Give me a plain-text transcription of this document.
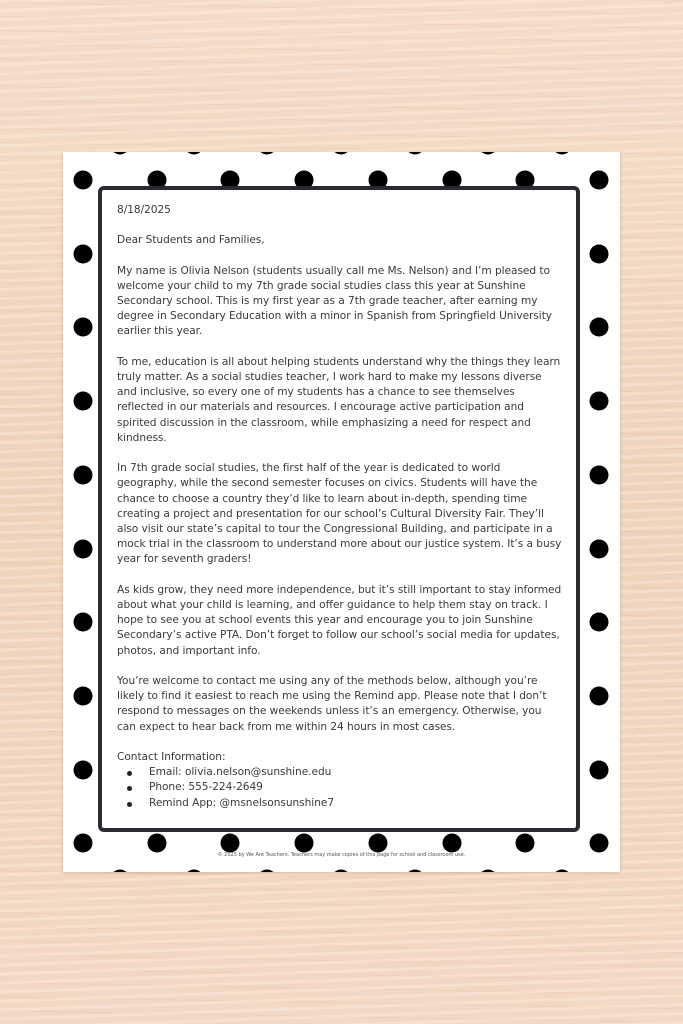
8/18/2025

Dear Students and Families,

My name is Olivia Nelson (students usually call me Ms. Nelson) and I’m pleased to welcome your child to my 7th grade social studies class this year at Sunshine Secondary school. This is my first year as a 7th grade teacher, after earning my degree in Secondary Education with a minor in Spanish from Springfield University earlier this year.

To me, education is all about helping students understand why the things they learn truly matter. As a social studies teacher, I work hard to make my lessons diverse and inclusive, so every one of my students has a chance to see themselves reflected in our materials and resources. I encourage active participation and spirited discussion in the classroom, while emphasizing a need for respect and kindness.

In 7th grade social studies, the first half of the year is dedicated to world geography, while the second semester focuses on civics. Students will have the chance to choose a country they’d like to learn about in-depth, spending time creating a project and presentation for our school’s Cultural Diversity Fair. They’ll also visit our state’s capital to tour the Congressional Building, and participate in a mock trial in the classroom to understand more about our justice system. It’s a busy year for seventh graders!

As kids grow, they need more independence, but it’s still important to stay informed about what your child is learning, and offer guidance to help them stay on track. I hope to see you at school events this year and encourage you to join Sunshine Secondary’s active PTA. Don’t forget to follow our school’s social media for updates, photos, and important info.

You’re welcome to contact me using any of the methods below, although you’re likely to find it easiest to reach me using the Remind app. Please note that I don’t respond to messages on the weekends unless it’s an emergency. Otherwise, you can expect to hear back from me within 24 hours in most cases.

Contact Information:
Email: olivia.nelson@sunshine.edu
Phone: 555-224-2649
Remind App: @msnelsonsunshine7
© 2025 by We Are Teachers. Teachers may make copies of this page for school and classroom use.
